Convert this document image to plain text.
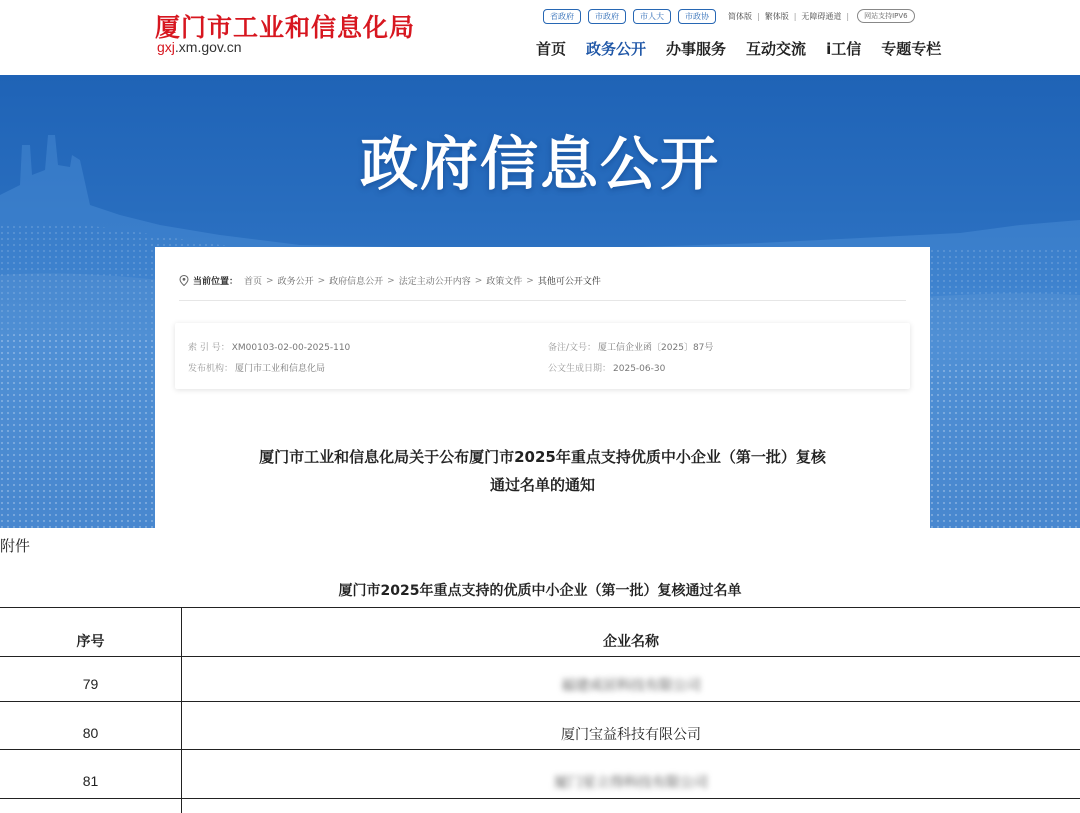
厦门市工业和信息化局
gxj.xm.gov.cn
省政府	市政府	市人大	市政协	简体版 | 繁体版 | 无障碍通道 |	网站支持IPV6
首页 政务公开 办事服务 互动交流 i工信 专题专栏
政府信息公开
当前位置： 首页 > 政务公开 > 政府信息公开 > 法定主动公开内容 > 政策文件 > 其他可公开文件
索 引 号： XM00103-02-00-2025-110	备注/文号： 厦工信企业函〔2025〕87号
发布机构： 厦门市工业和信息化局	公文生成日期： 2025-06-30
厦门市工业和信息化局关于公布厦门市2025年重点支持优质中小企业（第一批）复核
通过名单的通知
附件
厦门市2025年重点支持的优质中小企业（第一批）复核通过名单
序号	企业名称
79	福建成居科技有限公司
80	厦门宝益科技有限公司
81	厦门星立得科技有限公司
